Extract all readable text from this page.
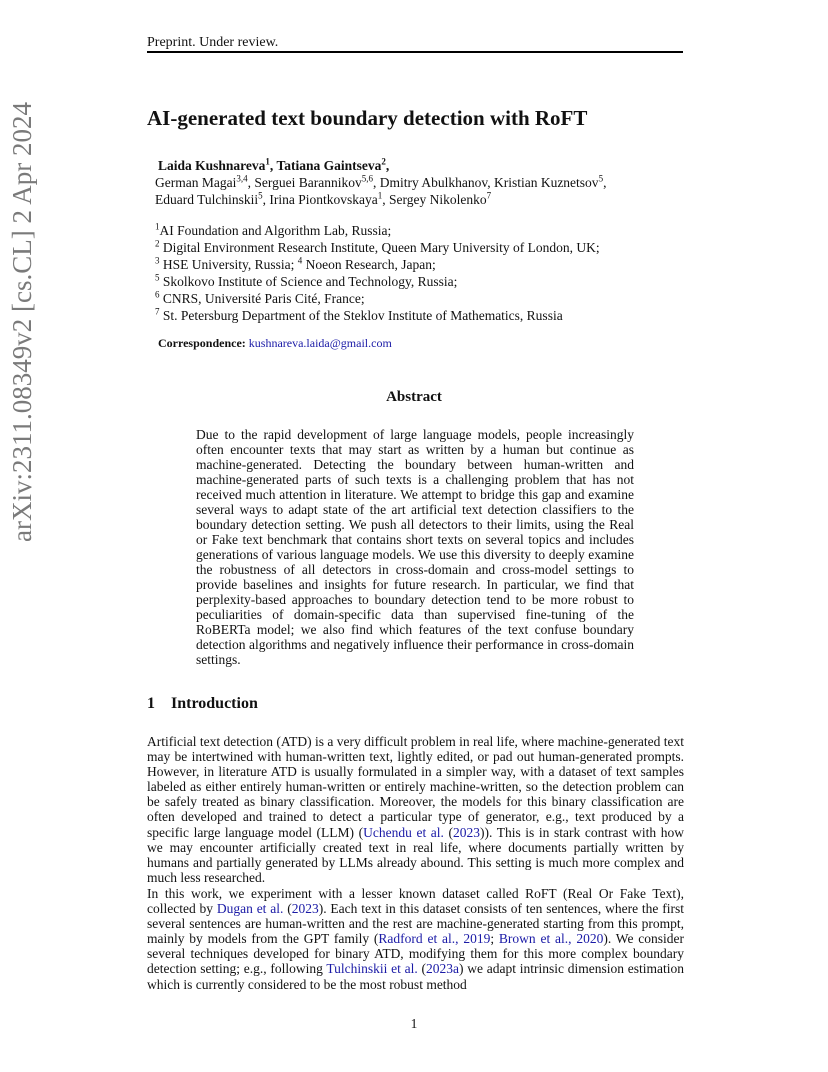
Preprint. Under review.
arXiv:2311.08349v2 [cs.CL] 2 Apr 2024	AI-generated text boundary detection with RoFT
Laida Kushnareva$^1$, Tatiana Gaintseva$^2$,
German Magai$^{3,4}$, Serguei Barannikov$^{5,6}$, Dmitry Abulkhanov, Kristian Kuznetsov$^5$,
Eduard Tulchinskii$^5$, Irina Piontkovskaya$^1$, Sergey Nikolenko$^7$
$^1$AI Foundation and Algorithm Lab, Russia;
$^2$ Digital Environment Research Institute, Queen Mary University of London, UK;
$^3$ HSE University, Russia; $^4$ Noeon Research, Japan;
$^5$ Skolkovo Institute of Science and Technology, Russia;
$^6$ CNRS, Université Paris Cité, France;
$^7$ St. Petersburg Department of the Steklov Institute of Mathematics, Russia
Correspondence: kushnareva.laida@gmail.com
Abstract
Due to the rapid development of large language models, people increasingly often encounter texts that may start as written by a human but continue as machine-generated. Detecting the boundary between human-written and machine-generated parts of such texts is a challenging problem that has not received much attention in literature. We attempt to bridge this gap and examine several ways to adapt state of the art artificial text detection classifiers to the boundary detection setting. We push all detectors to their limits, using the Real or Fake text benchmark that contains short texts on several topics and includes generations of various language models. We use this diversity to deeply examine the robustness of all detectors in cross-domain and cross-model settings to provide baselines and insights for future research. In particular, we find that perplexity-based approaches to boundary detection tend to be more robust to peculiarities of domain-specific data than supervised fine-tuning of the RoBERTa model; we also find which features of the text confuse boundary detection algorithms and negatively influence their performance in cross-domain settings.
1 Introduction
Artificial text detection (ATD) is a very difficult problem in real life, where machine-generated text may be intertwined with human-written text, lightly edited, or pad out human-generated prompts. However, in literature ATD is usually formulated in a simpler way, with a dataset of text samples labeled as either entirely human-written or entirely machine-written, so the detection problem can be safely treated as binary classification. Moreover, the models for this binary classification are often developed and trained to detect a particular type of generator, e.g., text produced by a specific large language model (LLM) (Uchendu et al. (2023)). This is in stark contrast with how we may encounter artificially created text in real life, where documents partially written by humans and partially generated by LLMs already abound. This setting is much more complex and much less researched.
In this work, we experiment with a lesser known dataset called RoFT (Real Or Fake Text), collected by Dugan et al. (2023). Each text in this dataset consists of ten sentences, where the first several sentences are human-written and the rest are machine-generated starting from this prompt, mainly by models from the GPT family (Radford et al., 2019; Brown et al., 2020). We consider several techniques developed for binary ATD, modifying them for this more complex boundary detection setting; e.g., following Tulchinskii et al. (2023a) we adapt intrinsic dimension estimation which is currently considered to be the most robust method
1
